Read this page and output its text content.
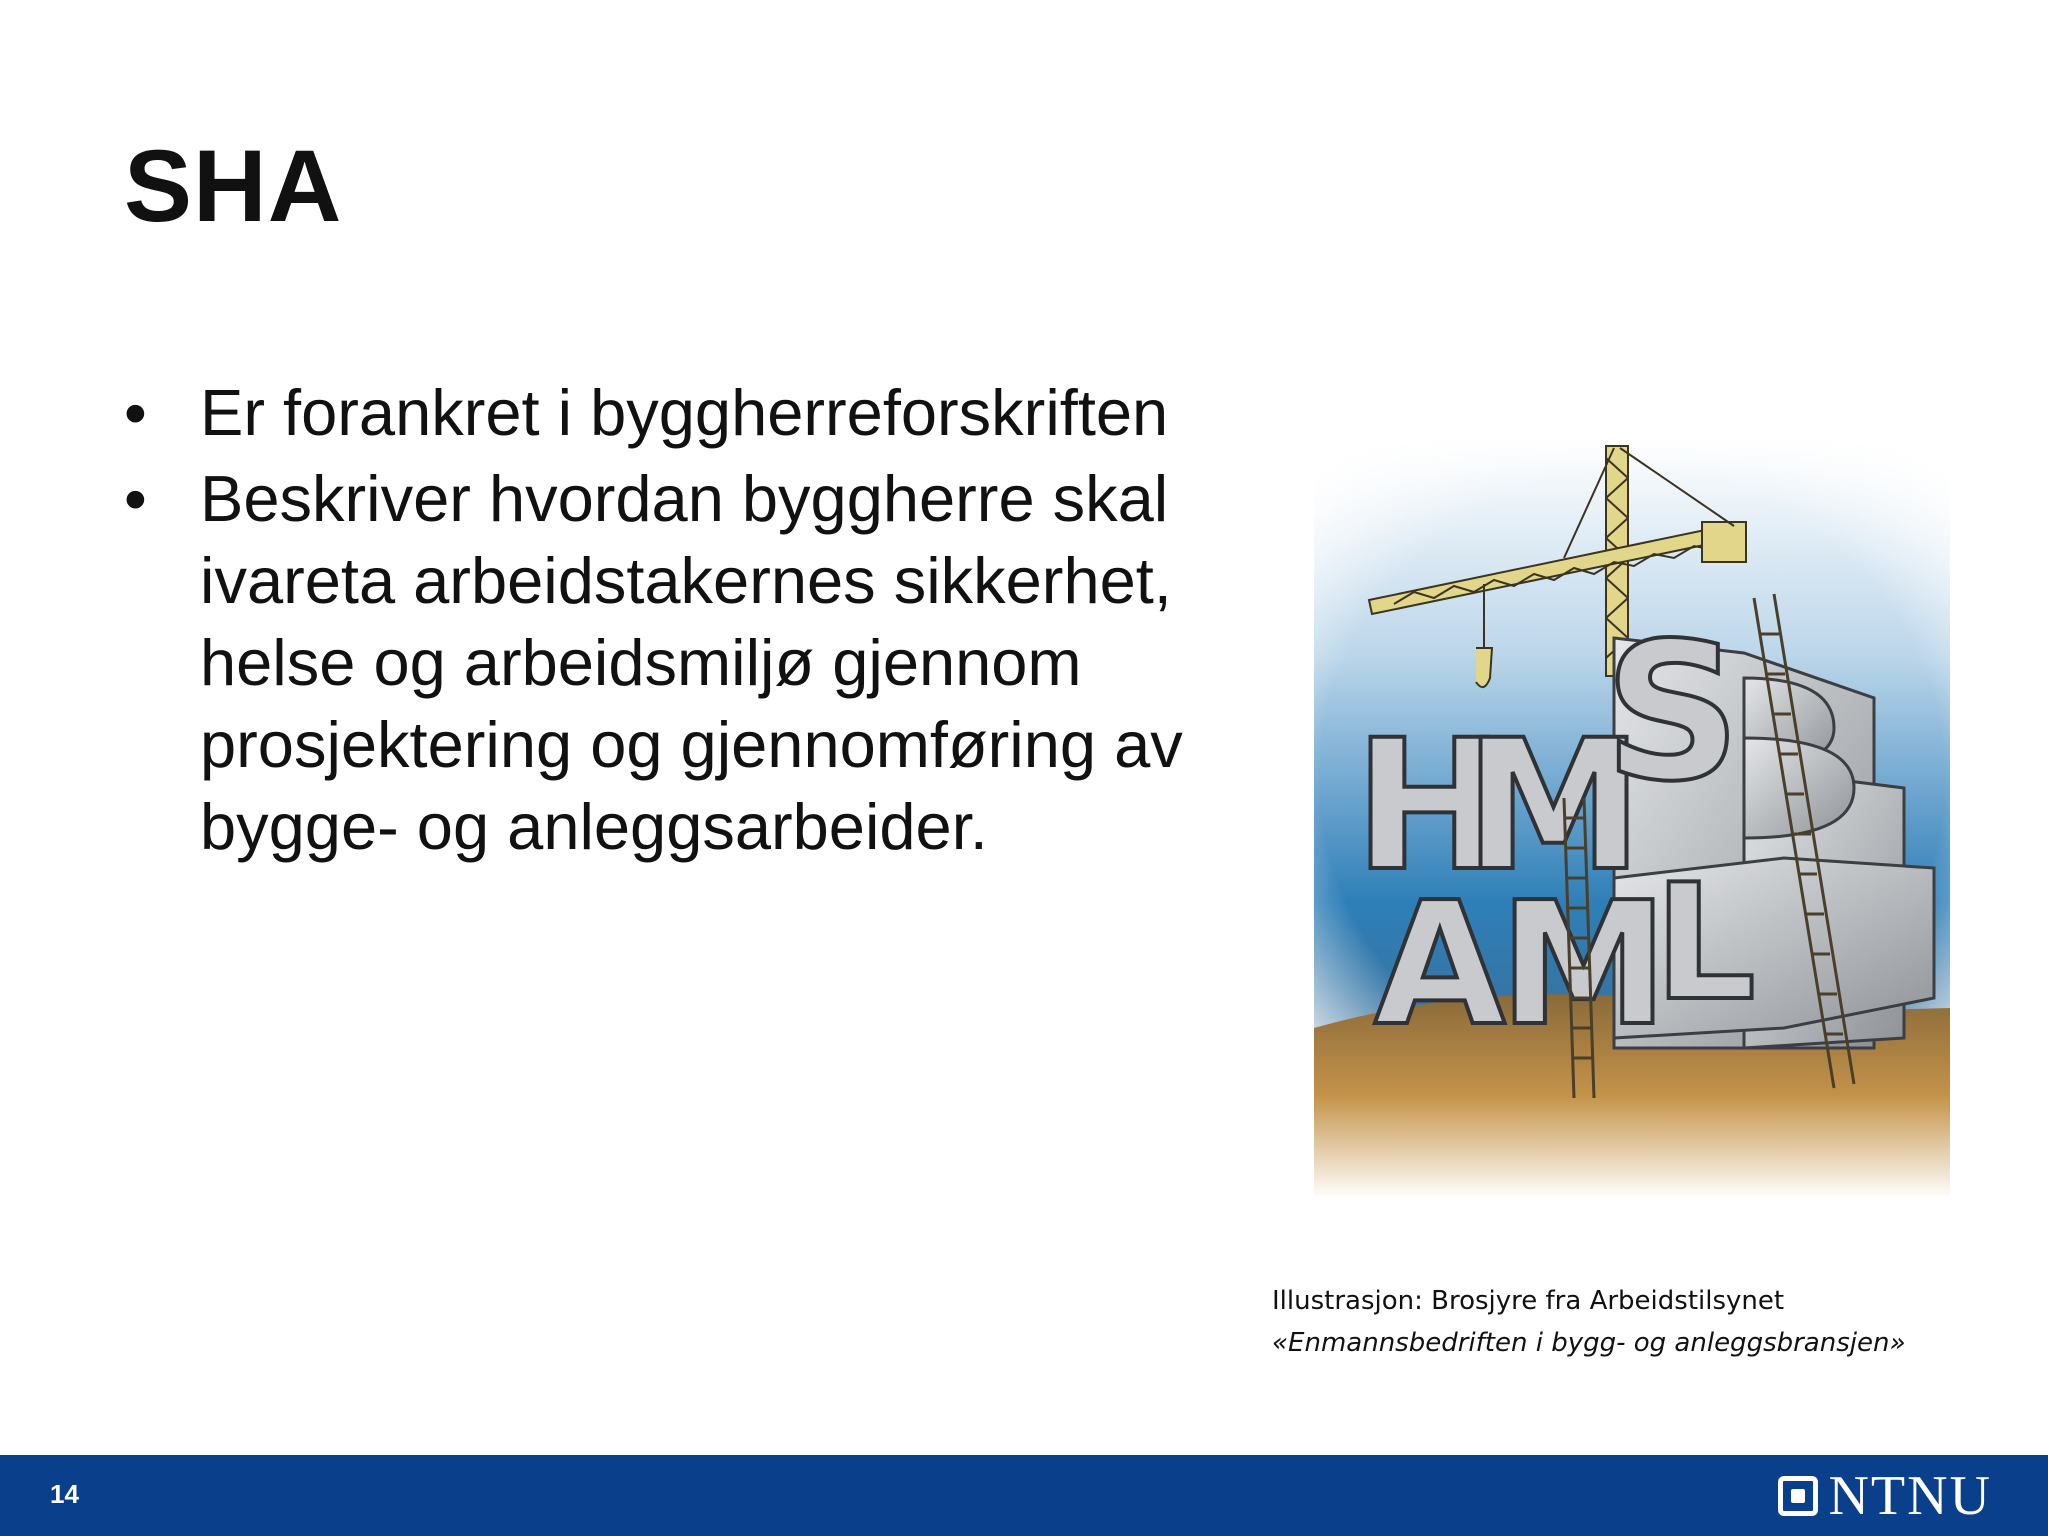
SHA
• Er forankret i byggherreforskriften
• Beskriver hvordan byggherre skal ivareta arbeidstakernes sikkerhet, helse og arbeidsmiljø gjennom prosjektering og gjennomføring av bygge- og anleggsarbeider.	H
M
S
A
M
L
Illustrasjon: Brosjyre fra Arbeidstilsynet
«Enmannsbedriften i bygg- og anleggsbransjen»
14	NTNU
